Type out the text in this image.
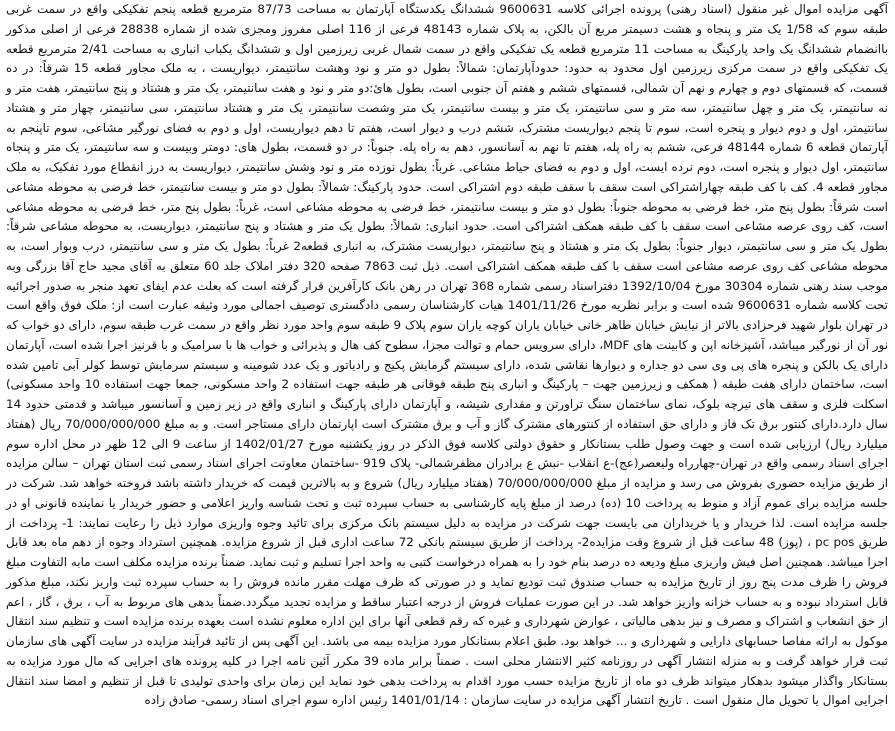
آگهی مزایده اموال غیر منقول (اسناد رهنی) پرونده اجرائی کلاسه 9600631 ششدانگ یکدستگاه آپارتمان به مساحت 87/73 مترمربع قطعه پنجم تفکیکی واقع در سمت غربی طبقه سوم که 1/58 یک متر و پنجاه و هشت دسیمتر مربع آن بالکن، به پلاک شماره 48143 فرعی از 116 اصلی مفروز ومجزی شده از شماره 28838 فرعی از اصلی مذکور باانضمام ششدانگ یک واحد پارکینگ به مساحت 11 مترمربع قطعه یک تفکیکی واقع در سمت شمال غربی زیرزمین اول و ششدانگ یکباب انباری به مساحت 2/41 مترمربع قطعه یک تفکیکی واقع در سمت مرکزی زیرزمین اول محدود به حدود: حدودآپارتمان: شمالاً: بطول دو متر و نود وهشت سانتیمتر، دیواریست ، به ملک مجاور قطعه 15 شرقاً: در ده قسمت، که قسمتهای دوم و چهارم و نهم آن شمالی، قسمتهای ششم و هفتم آن جنوبی است، بطول هائ:دو متر و نود و هفت سانتیمتر، یک متر و هشتاد و پنج سانتیمتر، هفت متر و نه سانتیمتر، یک متر و چهل سانتیمتر، سه متر و سی سانتیمتر، یک متر و بیست سانتیمتر، یک متر وشصت سانتیمتر، یک متر و هشتاد سانتیمتر، سی سانتیمتر، چهار متر و هشتاد سانتیمتر، اول و دوم دیوار و پنجره است، سوم تا پنجم دیواریست مشترک، ششم درب و دیوار است، هفتم تا دهم دیواریست، اول و دوم به فضای نورگیر مشاعی، سوم تاپنجم به آپارتمان قطعه 6 شماره 48144 فرعی، ششم به راه پله، هفتم تا نهم به آسانسور، دهم به راه پله. جنوباً: در دو قسمت، بطول های: دومتر وبیست و سه سانتیمتر، یک متر و پنجاه سانتیمتر، اول دیوار و پنجره است، دوم نرده ایست، اول و دوم به فضای حیاط مشاعی. غرباً: بطول نوزده متر و نود وشش سانتیمتر، دیواریست به درز انقطاع مورد تفکیک، به ملک مجاور قطعه 4. کف با کف طبقه چهاراشتراکی است سقف با سقف طبقه دوم اشتراکی است. حدود پارکینگ: شمالاً: بطول دو متر و بیست سانتیمتر، خط فرضی به محوطه مشاعی است شرقاً: بطول پنج متر، خط فرضی به محوطه جنوباً: بطول دو متر و بیست سانتیمتر، خط فرضی به محوطه مشاعی است، غرباً: بطول پنج متر، خط فرضی به محوطه مشاعی است، کف روی عرصه مشاعی است سقف با کف طبقه همکف اشتراکی است. حدود انباری: شمالاً: بطول یک متر و هشتاد و پنج سانتیمتر، دیواریست، به محوطه مشاعی شرقاً: بطول یک متر و سی سانتیمتر، دیوار جنوباً: بطول یک متر و هشتاد و پنج سانتیمتر، دیواریست مشترک، به انباری قطعه2 غرباً: بطول یک متر و سی سانتیمتر، درب وبوار است، به محوطه مشاعی کف روی عرصه مشاعی است سقف با کف طبقه همکف اشتراکی است. ذیل ثبت 7863 صفحه 320 دفتر املاک جلد 60 متعلق به آقای مجید حاج آقا بزرگی وبه موجب سند رهنی شماره 30304 مورخ 1392/10/04 دفتراسناد رسمی شماره 368 تهران در رهن بانک کارآفرین قرار گرفته است که بعلت عدم ایفای تعهد منجر به صدور اجرائیه تحت کلاسه شماره 9600631 شده است و برابر نظریه مورخ 1401/11/26 هیات کارشناسان رسمی دادگستری توصیف اجمالی مورد وثیقه عبارت است از: ملک فوق واقع است در تهران بلوار شهید فرحزادی بالاتر از نیایش خیابان طاهر خانی خیابان یاران کوچه یاران سوم پلاک 9 طبقه سوم واحد مورد نظر واقع در سمت غرب طبقه سوم، دارای دو خواب که نور آن از نورگیر میباشد، آشپزخانه اپن و کابینت های MDF، دارای سرویس حمام و توالت مجزا، سطوح کف هال و پذیرائی و خواب ها با سرامیک و با قرنیز اجرا شده است، آپارتمان دارای یک بالکن و پنجره های پی وی سی دو جداره و دیوارها نقاشی شده، دارای سیستم گرمایش پکیج و رادیاتور و یک عدد شومینه و سیستم سرمایش توسط کولر آبی تامین شده است، ساختمان دارای هفت طبقه ( همکف و زیرزمین جهت – پارکینگ و انباری پنج طبقه فوقانی هر طبقه جهت استفاده 2 واحد مسکونی، جمعا جهت استفاده 10 واحد مسکونی) اسکلت فلزی و سقف های تیرچه بلوک، نمای ساختمان سنگ تراورتن و مقداری شیشه، و آپارتمان دارای پارکینگ و انباری واقع در زیر زمین و آسانسور میباشد و قدمتی حدود 14 سال دارد.دارای کنتور برق تک فاز و دارای حق استفاده از کنتورهای مشترک گاز و آب و برق مشترک است اپارتمان دارای مستاجر است. و به مبلغ 70/000/000/000 ریال (هفتاد میلیارد ریال) ارزیابی شده است و جهت وصول طلب بستانکار و حقوق دولتی کلاسه فوق الذکر در روز یکشنبه مورخ 1402/01/27 از ساعت 9 الی 12 ظهر در محل اداره سوم اجرای اسناد رسمی واقع در تهران-چهارراه ولیعصر(عج)-ع انقلاب -نبش ع برادران مظفرشمالی- پلاک 919 -ساختمان معاونت اجرای اسناد رسمی ثبت استان تهران – سالن مزایده از طریق مزایده حضوری بفروش می رسد و مزایده از مبلغ 70/000/000/000 (هفتاد میلیارد ریال) شروع و به بالاترین قیمت که خریدار داشته باشد فروخته خواهد شد. شرکت در جلسه مزایده برای عموم آزاد و منوط به پرداخت 10 (ده) درصد از مبلغ پایه کارشناسی به حساب سپرده ثبت و تحت شناسه واریز اعلامی و حضور خریدار یا نماینده قانونی او در جلسه مزایده است. لذا خریدار و یا خریداران می بایست جهت شرکت در مزایده به دلیل سیستم بانک مرکزی برای تائید وجوه واریزی موارد ذیل را رعایت نمایند: 1- پرداخت از طریق pc pos ، (پوز) 48 ساعت قبل از شروع وقت مزایده2- پرداخت از طریق سیستم بانکی 72 ساعت اداری قبل از شروع مزایده. همچنین استرداد وجوه از دهم ماه بعد قابل اجرا میباشد. همچنین اصل فیش واریزی مبلغ ودیعه ده درصد بنام خود را به همراه درخواست کتبی به واحد اجرا تسلیم و ثبت نماید. ضمناً برنده مزایده مکلف است مابه التفاوت مبلغ فروش را ظرف مدت پنج روز از تاریخ مزایده به حساب صندوق ثبت تودیع نماید و در صورتی که ظرف مهلت مقرر مانده فروش را به حساب سپرده ثبت واریز نکند، مبلغ مذکور قابل استرداد نبوده و به حساب خزانه واریز خواهد شد. در این صورت عملیات فروش از درجه اعتبار ساقط و مزایده تجدید میگردد.ضمناً بدهی های مربوط به آب ، برق ، گاز ، اعم از حق انشعاب و اشتراک و مصرف و نیز بدهی مالیاتی ، عوارض شهرداری و غیره که رقم قطعی آنها برای این اداره معلوم نشده است بعهده برنده مزایده است و تنظیم سند انتقال موکول به ارائه مفاصا حسابهای دارایی و شهرداری و ... خواهد بود. طبق اعلام بستانکار مورد مزایده بیمه می باشد. این آگهی پس از تائید فرآیند مزایده در سایت آگهی های سازمان ثبت قرار خواهد گرفت و به منزله انتشار آگهی در روزنامه کثیر الانتشار محلی است . ضمناً برابر ماده 39 مکرر آئین نامه اجرا در کلیه پرونده های اجرایی که مال مورد مزایده به بستانکار واگذار میشود بدهکار میتواند ظرف دو ماه از تاریخ مزایده حسب مورد اقدام به پرداخت بدهی خود نماید این زمان برای واحدی تولیدی تا قبل از تنظیم و امضا سند انتقال اجرایی اموال یا تحویل مال منقول است . تاریخ انتشار آگهی مزایده در سایت سازمان : 1401/01/14 رئیس اداره سوم اجرای اسناد رسمی- صادق زاده
